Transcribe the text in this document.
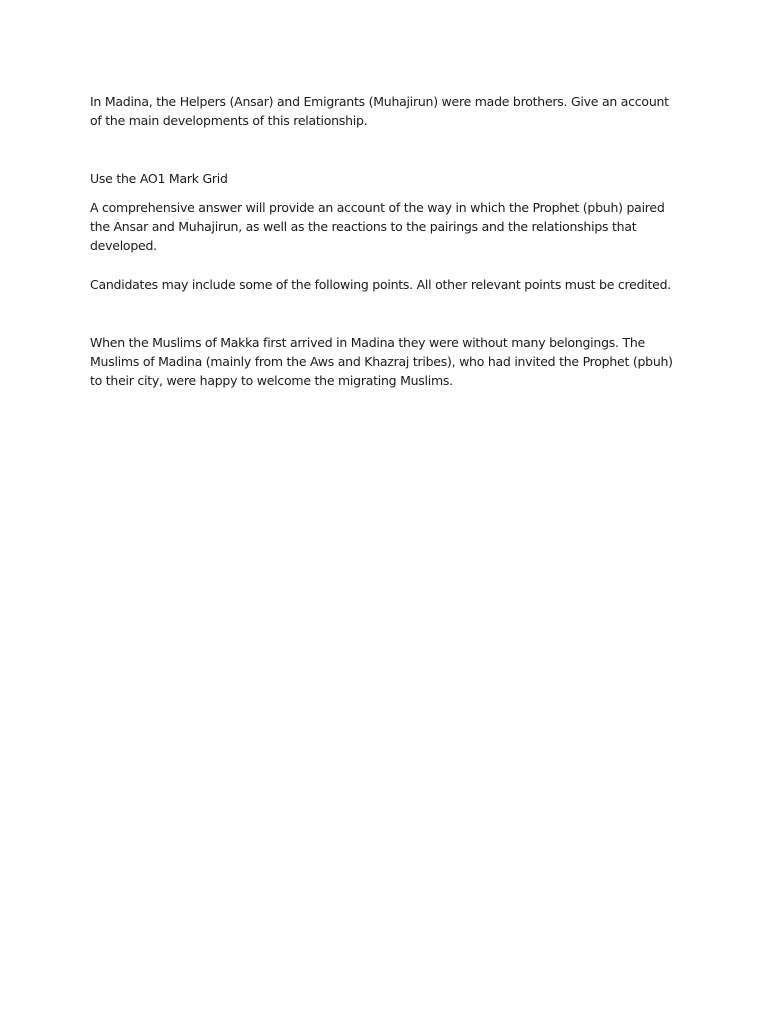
In Madina, the Helpers (Ansar) and Emigrants (Muhajirun) were made brothers. Give an account of the main developments of this relationship.

Use the AO1 Mark Grid

A comprehensive answer will provide an account of the way in which the Prophet (pbuh) paired the Ansar and Muhajirun, as well as the reactions to the pairings and the relationships that developed.

Candidates may include some of the following points. All other relevant points must be credited.

When the Muslims of Makka first arrived in Madina they were without many belongings. The Muslims of Madina (mainly from the Aws and Khazraj tribes), who had invited the Prophet (pbuh) to their city, were happy to welcome the migrating Muslims.
